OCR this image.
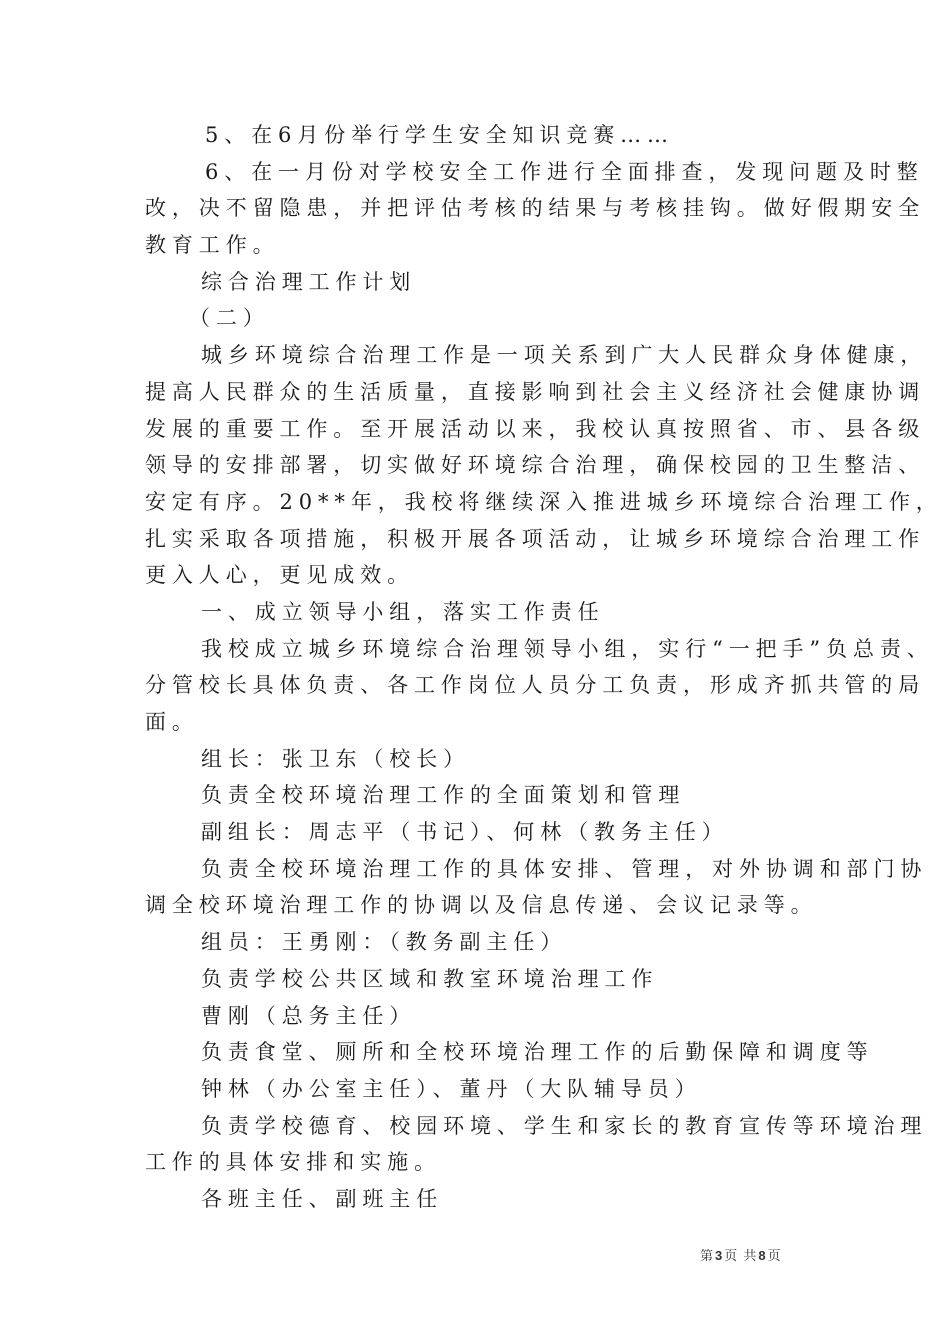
5、在6月份举行学生安全知识竞赛……
6、在一月份对学校安全工作进行全面排查，发现问题及时整
改，决不留隐患，并把评估考核的结果与考核挂钩。做好假期安全
教育工作。
综合治理工作计划
（二）
城乡环境综合治理工作是一项关系到广大人民群众身体健康，
提高人民群众的生活质量，直接影响到社会主义经济社会健康协调
发展的重要工作。至开展活动以来，我校认真按照省、市、县各级
领导的安排部署，切实做好环境综合治理，确保校园的卫生整洁、
安定有序。20**年，我校将继续深入推进城乡环境综合治理工作，
扎实采取各项措施，积极开展各项活动，让城乡环境综合治理工作
更入人心，更见成效。
一、成立领导小组，落实工作责任
我校成立城乡环境综合治理领导小组，实行“一把手”负总责、
分管校长具体负责、各工作岗位人员分工负责，形成齐抓共管的局
面。
组长：张卫东（校长）
负责全校环境治理工作的全面策划和管理
副组长：周志平（书记）、何林（教务主任）
负责全校环境治理工作的具体安排、管理，对外协调和部门协
调全校环境治理工作的协调以及信息传递、会议记录等。
组员：王勇刚：（教务副主任）
负责学校公共区域和教室环境治理工作
曹刚（总务主任）
负责食堂、厕所和全校环境治理工作的后勤保障和调度等
钟林（办公室主任）、董丹（大队辅导员）
负责学校德育、校园环境、学生和家长的教育宣传等环境治理
工作的具体安排和实施。
各班主任、副班主任
第3页 共8页
